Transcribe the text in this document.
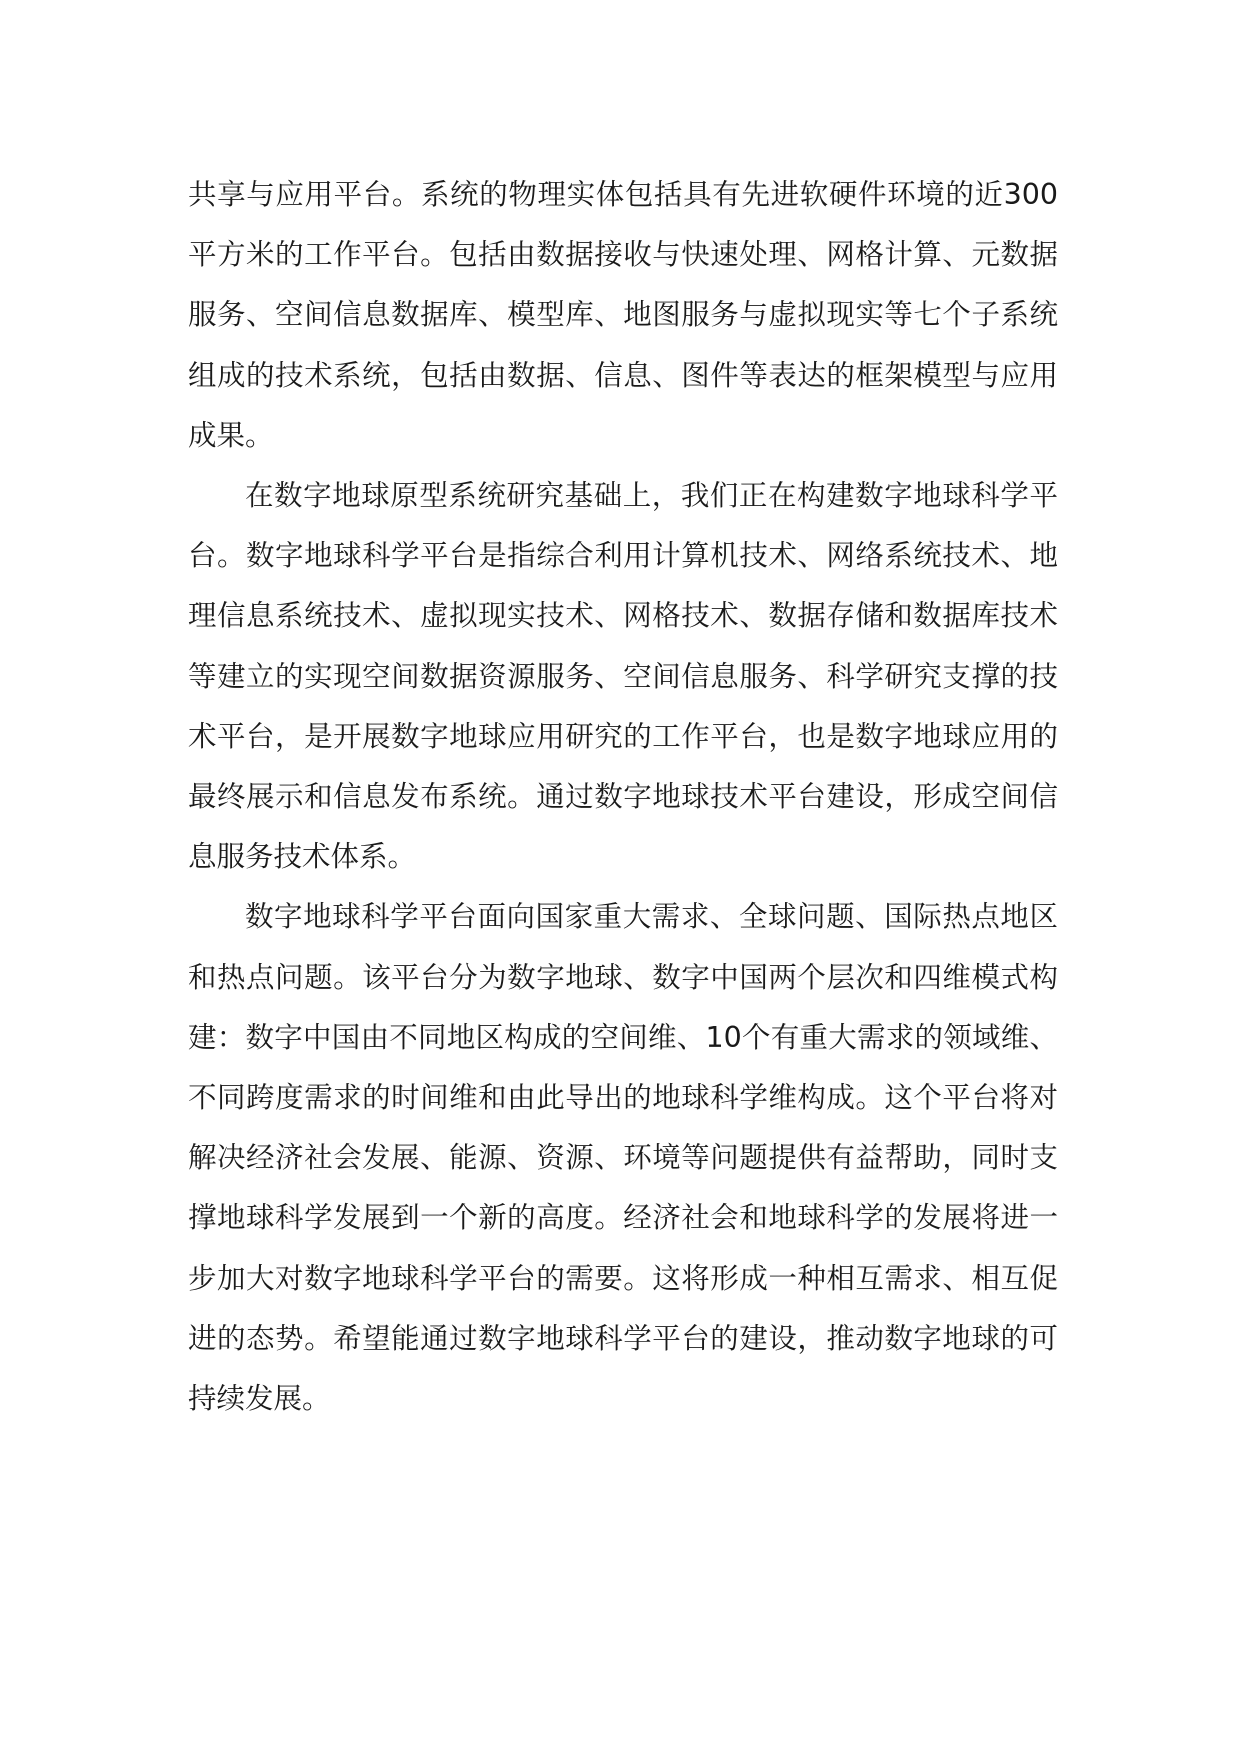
共享与应用平台。系统的物理实体包括具有先进软硬件环境的近300平方米的工作平台。包括由数据接收与快速处理、网格计算、元数据服务、空间信息数据库、模型库、地图服务与虚拟现实等七个子系统组成的技术系统，包括由数据、信息、图件等表达的框架模型与应用成果。

在数字地球原型系统研究基础上，我们正在构建数字地球科学平台。数字地球科学平台是指综合利用计算机技术、网络系统技术、地理信息系统技术、虚拟现实技术、网格技术、数据存储和数据库技术等建立的实现空间数据资源服务、空间信息服务、科学研究支撑的技术平台，是开展数字地球应用研究的工作平台，也是数字地球应用的最终展示和信息发布系统。通过数字地球技术平台建设，形成空间信息服务技术体系。

数字地球科学平台面向国家重大需求、全球问题、国际热点地区和热点问题。该平台分为数字地球、数字中国两个层次和四维模式构建：数字中国由不同地区构成的空间维、10个有重大需求的领域维、不同跨度需求的时间维和由此导出的地球科学维构成。这个平台将对解决经济社会发展、能源、资源、环境等问题提供有益帮助，同时支撑地球科学发展到一个新的高度。经济社会和地球科学的发展将进一步加大对数字地球科学平台的需要。这将形成一种相互需求、相互促进的态势。希望能通过数字地球科学平台的建设，推动数字地球的可持续发展。
